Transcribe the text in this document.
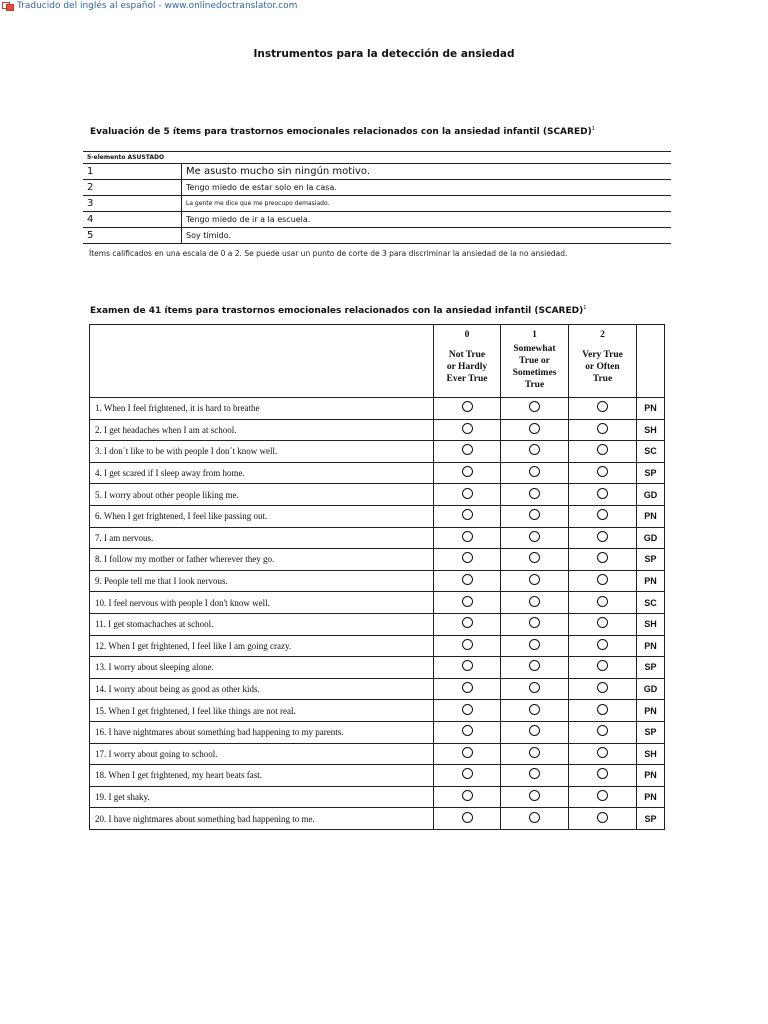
Traducido del inglés al español - www.onlinedoctranslator.com
Instrumentos para la detección de ansiedad
Evaluación de 5 ítems para trastornos emocionales relacionados con la ansiedad infantil (SCARED)$^1$
5-elemento ASUSTADO	
1	Me asusto mucho sin ningún motivo.
2	Tengo miedo de estar solo en la casa.
3	La gente me dice que me preocupo demasiado.
4	Tengo miedo de ir a la escuela.
5	Soy tímido.
Ítems calificados en una escala de 0 a 2. Se puede usar un punto de corte de 3 para discriminar la ansiedad de la no ansiedad.
Examen de 41 ítems para trastornos emocionales relacionados con la ansiedad infantil (SCARED)$^1$

	0
Not True
or Hardly
Ever True	1
Somewhat
True or
Sometimes
True	2
Very True
or Often
True	

1. When I feel frightened, it is hard to breathe				PN
2. I get headaches when I am at school.				SH
3. I don´t like to be with people I don´t know well.				SC
4. I get scared if I sleep away from home.				SP
5. I worry about other people liking me.				GD
6. When I get frightened, I feel like passing out.				PN
7. I am nervous.				GD
8. I follow my mother or father wherever they go.				SP
9. People tell me that I look nervous.				PN
10. I feel nervous with people I don't know well.				SC
11. I get stomachaches at school.				SH
12. When I get frightened, I feel like I am going crazy.				PN
13. I worry about sleeping alone.				SP
14. I worry about being as good as other kids.				GD
15. When I get frightened, I feel like things are not real.				PN
16. I have nightmares about something bad happening to my parents.				SP
17. I worry about going to school.				SH
18. When I get frightened, my heart beats fast.				PN
19. I get shaky.				PN
20. I have nightmares about something bad happening to me.				SP
